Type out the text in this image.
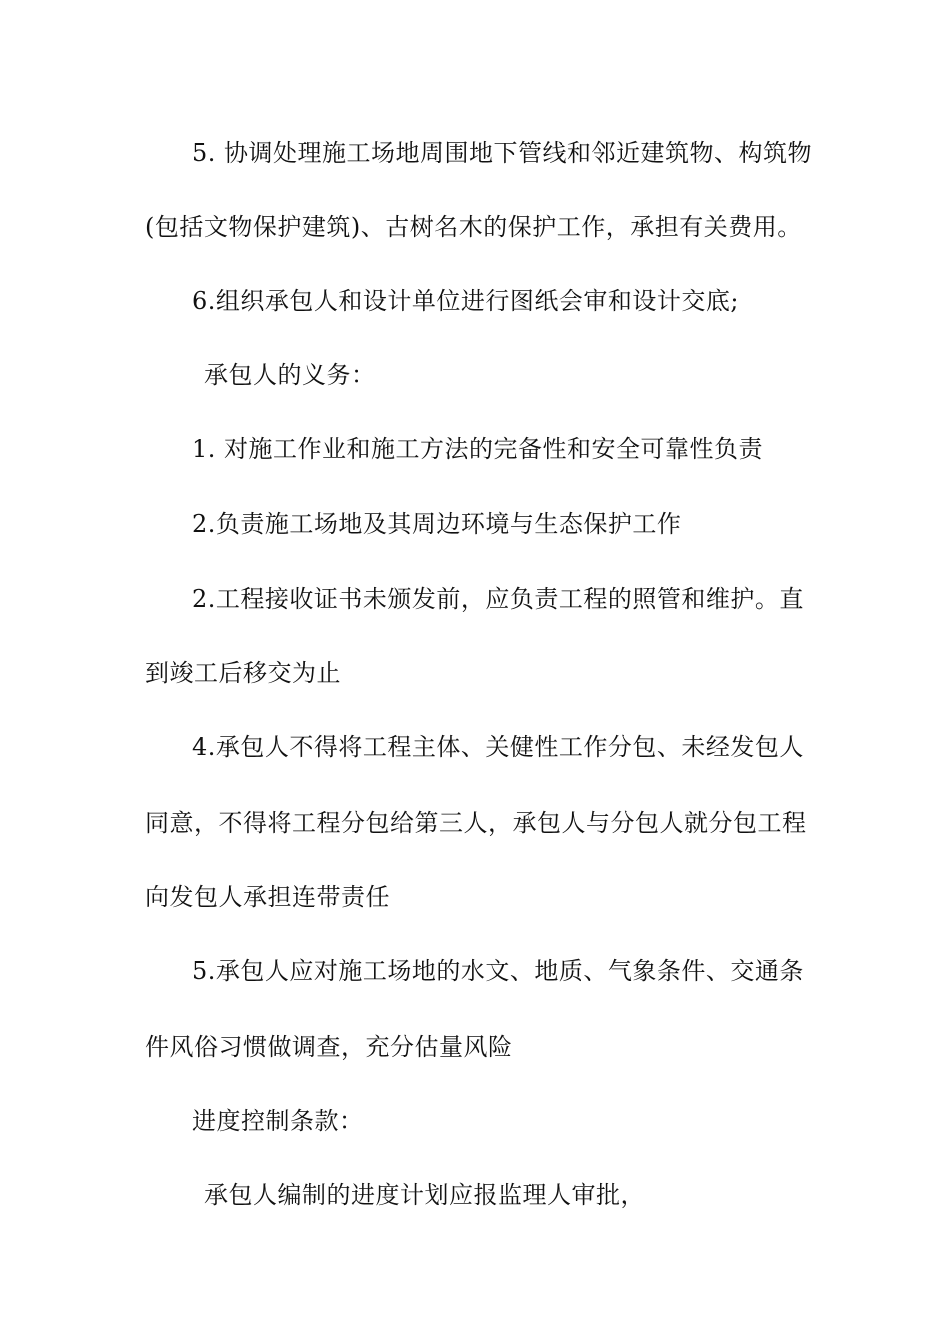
5. 协调处理施工场地周围地下管线和邻近建筑物、构筑物
(包括文物保护建筑)、古树名木的保护工作，承担有关费用。
6.组织承包人和设计单位进行图纸会审和设计交底;
承包人的义务：
1. 对施工作业和施工方法的完备性和安全可靠性负责
2.负责施工场地及其周边环境与生态保护工作
2.工程接收证书未颁发前，应负责工程的照管和维护。直
到竣工后移交为止
4.承包人不得将工程主体、关健性工作分包、未经发包人
同意，不得将工程分包给第三人，承包人与分包人就分包工程
向发包人承担连带责任
5.承包人应对施工场地的水文、地质、气象条件、交通条
件风俗习惯做调查，充分估量风险
进度控制条款：
承包人编制的进度计划应报监理人审批，
